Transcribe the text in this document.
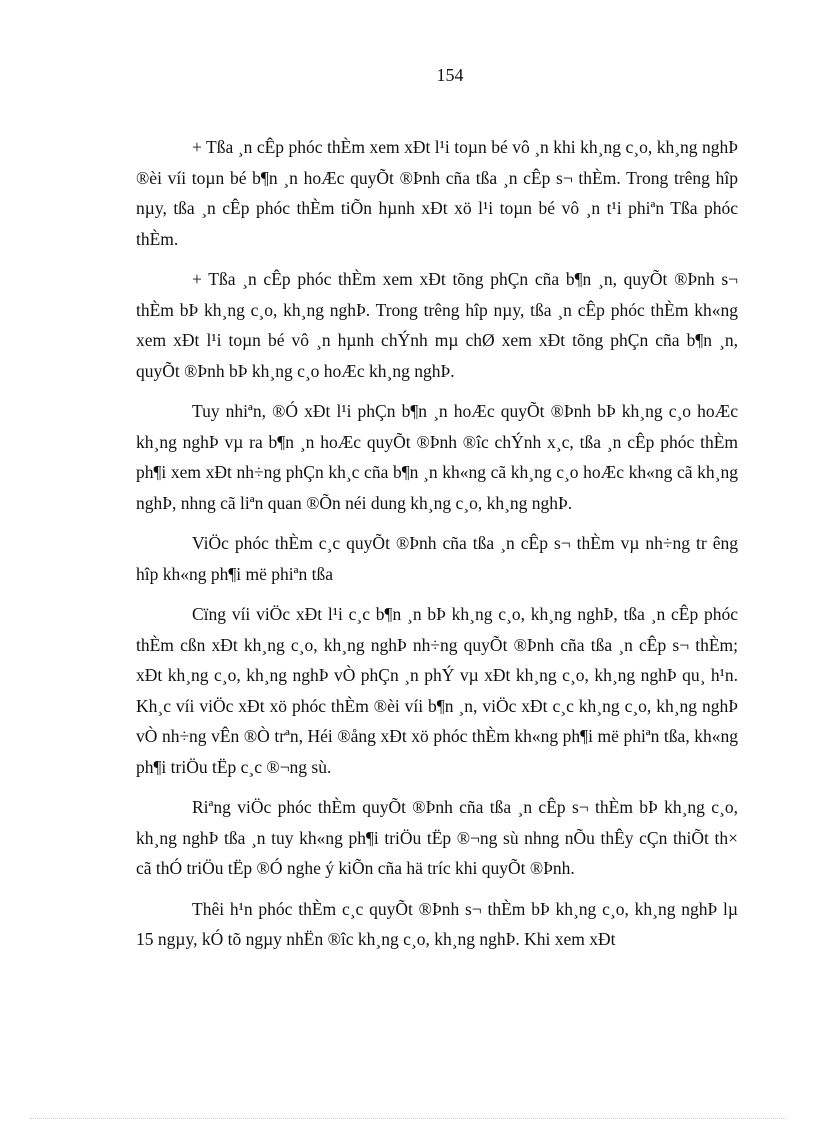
154

+ Tßa ¸n cÊp phóc thÈm xem xÐt l¹i toµn bé vô ¸n khi kh¸ng c¸o, kh¸ng nghÞ ®èi víi toµn bé b¶n ¸n hoÆc quyÕt ®Þnh cña tßa ¸n cÊp s¬ thÈm. Trong trêng hîp nµy, tßa ¸n cÊp phóc thÈm tiÕn hµnh xÐt xö l¹i toµn bé vô ¸n t¹i phiªn Tßa phóc thÈm.

+ Tßa ¸n cÊp phóc thÈm xem xÐt tõng phÇn cña b¶n ¸n, quyÕt ®Þnh s¬ thÈm bÞ kh¸ng c¸o, kh¸ng nghÞ. Trong trêng hîp nµy, tßa ¸n cÊp phóc thÈm kh«ng xem xÐt l¹i toµn bé vô ¸n hµnh chÝnh mµ chØ xem xÐt tõng phÇn cña b¶n ¸n, quyÕt ®Þnh bÞ kh¸ng c¸o hoÆc kh¸ng nghÞ.

Tuy nhiªn, ®Ó xÐt l¹i phÇn b¶n ¸n hoÆc quyÕt ®Þnh bÞ kh¸ng c¸o hoÆc kh¸ng nghÞ vµ ra b¶n ¸n hoÆc quyÕt ®Þnh ®îc chÝnh x¸c, tßa ¸n cÊp phóc thÈm ph¶i xem xÐt nh÷ng phÇn kh¸c cña b¶n ¸n kh«ng cã kh¸ng c¸o hoÆc kh«ng cã kh¸ng nghÞ, nhng cã liªn quan ®Õn néi dung kh¸ng c¸o, kh¸ng nghÞ.

ViÖc phóc thÈm c¸c quyÕt ®Þnh cña tßa ¸n cÊp s¬ thÈm vµ nh÷ng tr êng hîp kh«ng ph¶i më phiªn tßa

Cïng víi viÖc xÐt l¹i c¸c b¶n ¸n bÞ kh¸ng c¸o, kh¸ng nghÞ, tßa ¸n cÊp phóc thÈm cßn xÐt kh¸ng c¸o, kh¸ng nghÞ nh÷ng quyÕt ®Þnh cña tßa ¸n cÊp s¬ thÈm; xÐt kh¸ng c¸o, kh¸ng nghÞ vÒ phÇn ¸n phÝ vµ xÐt kh¸ng c¸o, kh¸ng nghÞ qu¸ h¹n. Kh¸c víi viÖc xÐt xö phóc thÈm ®èi víi b¶n ¸n, viÖc xÐt c¸c kh¸ng c¸o, kh¸ng nghÞ vÒ nh÷ng vÊn ®Ò trªn, Héi ®ång xÐt xö phóc thÈm kh«ng ph¶i më phiªn tßa, kh«ng ph¶i triÖu tËp c¸c ®¬ng sù.

Riªng viÖc phóc thÈm quyÕt ®Þnh cña tßa ¸n cÊp s¬ thÈm bÞ kh¸ng c¸o, kh¸ng nghÞ tßa ¸n tuy kh«ng ph¶i triÖu tËp ®¬ng sù nhng nÕu thÊy cÇn thiÕt th× cã thÓ triÖu tËp ®Ó nghe ý kiÕn cña hä tríc khi quyÕt ®Þnh.

Thêi h¹n phóc thÈm c¸c quyÕt ®Þnh s¬ thÈm bÞ kh¸ng c¸o, kh¸ng nghÞ lµ 15 ngµy, kÓ tõ ngµy nhËn ®îc kh¸ng c¸o, kh¸ng nghÞ. Khi xem xÐt
